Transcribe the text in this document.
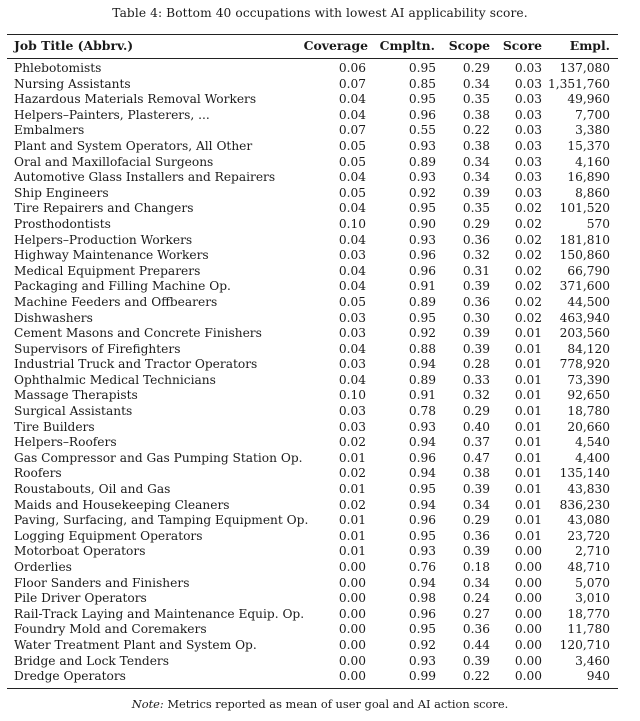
Table 4: Bottom 40 occupations with lowest AI applicability score.
Job Title (Abbrv.)	Coverage Cmpltn. Scope Score Empl.
Phlebotomists	0.06	0.95 0.29 0.03 137,080
Nursing Assistants	0.07	0.85 0.34 0.03 1,351,760
Hazardous Materials Removal Workers	0.04	0.95 0.35 0.03 49,960
Helpers–Painters, Plasterers, ...	0.04	0.96 0.38 0.03	7,700
Embalmers	0.07	0.55 0.22 0.03	3,380
Plant and System Operators, All Other	0.05	0.93 0.38 0.03 15,370
Oral and Maxillofacial Surgeons	0.05	0.89 0.34 0.03	4,160
Automotive Glass Installers and Repairers	0.04	0.93 0.34 0.03 16,890
Ship Engineers	0.05	0.92 0.39 0.03	8,860
Tire Repairers and Changers	0.04	0.95 0.35 0.02 101,520
Prosthodontists	0.10	0.90 0.29 0.02	570
Helpers–Production Workers	0.04	0.93 0.36 0.02 181,810
Highway Maintenance Workers	0.03	0.96 0.32 0.02 150,860
Medical Equipment Preparers	0.04	0.96 0.31 0.02 66,790
Packaging and Filling Machine Op.	0.04	0.91 0.39 0.02 371,600
Machine Feeders and Offbearers	0.05	0.89 0.36 0.02 44,500
Dishwashers	0.03	0.95 0.30 0.02 463,940
Cement Masons and Concrete Finishers	0.03	0.92 0.39 0.01 203,560
Supervisors of Firefighters	0.04	0.88 0.39 0.01 84,120
Industrial Truck and Tractor Operators	0.03	0.94 0.28 0.01 778,920
Ophthalmic Medical Technicians	0.04	0.89 0.33 0.01 73,390
Massage Therapists	0.10	0.91 0.32 0.01 92,650
Surgical Assistants	0.03	0.78 0.29 0.01 18,780
Tire Builders	0.03	0.93 0.40 0.01 20,660
Helpers–Roofers	0.02	0.94 0.37 0.01	4,540
Gas Compressor and Gas Pumping Station Op.	0.01	0.96 0.47 0.01	4,400
Roofers	0.02	0.94 0.38 0.01 135,140
Roustabouts, Oil and Gas	0.01	0.95 0.39 0.01 43,830
Maids and Housekeeping Cleaners	0.02	0.94 0.34 0.01 836,230
Paving, Surfacing, and Tamping Equipment Op.	0.01	0.96 0.29 0.01 43,080
Logging Equipment Operators	0.01	0.95 0.36 0.01 23,720
Motorboat Operators	0.01	0.93 0.39 0.00	2,710
Orderlies	0.00	0.76 0.18 0.00 48,710
Floor Sanders and Finishers	0.00	0.94 0.34 0.00	5,070
Pile Driver Operators	0.00	0.98 0.24 0.00	3,010
Rail-Track Laying and Maintenance Equip. Op.	0.00	0.96 0.27 0.00 18,770
Foundry Mold and Coremakers	0.00	0.95 0.36 0.00 11,780
Water Treatment Plant and System Op.	0.00	0.92 0.44 0.00 120,710
Bridge and Lock Tenders	0.00	0.93 0.39 0.00	3,460
Dredge Operators	0.00	0.99 0.22 0.00	940
Note: Metrics reported as mean of user goal and AI action score.
